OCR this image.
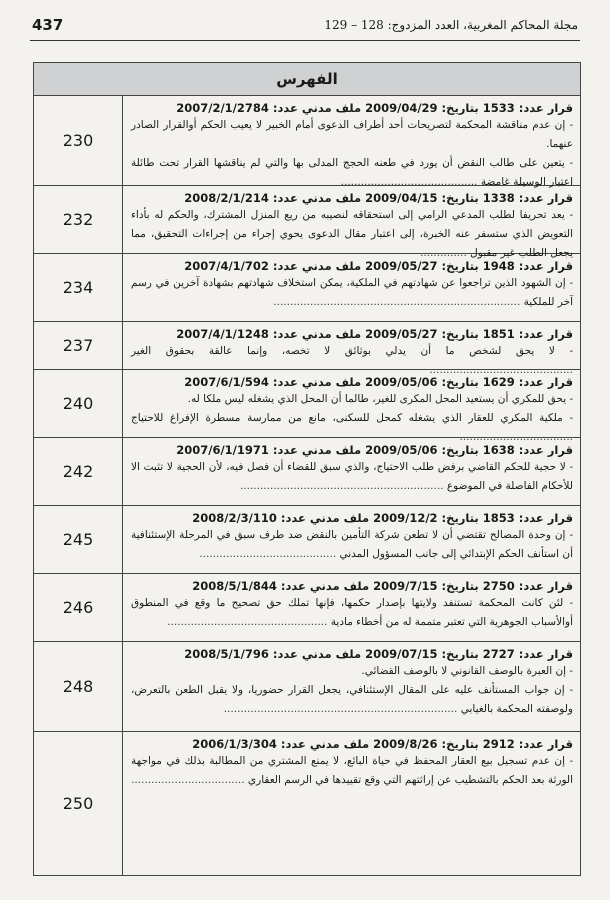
437	مجلة المحاكم المغربية، العدد المزدوج: 128 – 129
الفهرس
230
قرار عدد: 1533 بتاريخ: 2009/04/29 ملف مدني عدد: 2007/2/1/2784
- إن عدم مناقشة المحكمة لتصريحات أحد أطراف الدعوى أمام الخبير لا يعيب الحكم أوالقرار الصادر عنهما.
- يتعين على طالب النقض أن يورد في طعنه الحجج المدلى بها والتي لم يناقشها القرار تحت طائلة اعتبار الوسيلة غامضة .........................................
232
قرار عدد: 1338 بتاريخ: 2009/04/15 ملف مدني عدد: 2008/2/1/214
- يعد تحريفا لطلب المدعي الرامي إلى استحقاقه لنصيبه من ريع المنزل المشترك، والحكم له بأداء التعويض الذي ستسفر عنه الخبرة، إلى اعتبار مقال الدعوى يحوي إجراء من إجراءات التحقيق، مما يجعل الطلب غير مقبول ..............
234
قرار عدد: 1948 بتاريخ: 2009/05/27 ملف مدني عدد: 2007/4/1/702
- إن الشهود الذين تراجعوا عن شهادتهم في الملكية، يمكن استخلاف شهادتهم بشهادة آخرين في رسم آخر للملكية ..........................................................................
237
قرار عدد: 1851 بتاريخ: 2009/05/27 ملف مدني عدد: 2007/4/1/1248
- لا يحق لشخص ما أن يدلي بوثائق لا تخصه، وإنما عالقة بحقوق الغير ...........................................
240
قرار عدد: 1629 بتاريخ: 2009/05/06 ملف مدني عدد: 2007/6/1/594
- يحق للمكري أن يستعيد المحل المكرى للغير، طالما أن المحل الذي يشغله ليس ملكا له.
- ملكية المكري للعقار الذي يشغله كمحل للسكنى، مانع من ممارسة مسطرة الإفراغ للاحتياج ..................................
242
قرار عدد: 1638 بتاريخ: 2009/05/06 ملف مدني عدد: 2007/6/1/1971
- لا حجية للحكم القاضي برفض طلب الاحتياج، والذي سبق للقضاء أن فصل فيه، لأن الحجية لا تثبت الا للأحكام الفاصلة في الموضوع .............................................................
245
قرار عدد: 1853 بتاريخ: 2009/12/2 ملف مدني عدد: 2008/2/3/110
- إن وحدة المصالح تقتضي أن لا تطعن شركة التأمين بالنقض ضد طرف سبق في المرحلة الإستئنافية أن استأنف الحكم الإبتدائي إلى جانب المسؤول المدني .........................................
246
قرار عدد: 2750 بتاريخ: 2009/7/15 ملف مدني عدد: 2008/5/1/844
- لئن كانت المحكمة تستنفد ولايتها بإصدار حكمها، فإنها تملك حق تصحيح ما وقع في المنطوق أوالأسباب الجوهرية التي تعتبر متممة له من أخطاء مادية ................................................
248
قرار عدد: 2727 بتاريخ: 2009/07/15 ملف مدني عدد: 2008/5/1/796
- إن العبرة بالوصف القانوني لا بالوصف القضائي.
- إن جواب المستأنف عليه على المقال الإستئنافي، يجعل القرار حضوريا، ولا يقبل الطعن بالتعرض، ولوصفته المحكمة بالغيابي ......................................................................
250
قرار عدد: 2912 بتاريخ: 2009/8/26 ملف مدني عدد: 2006/1/3/304
- إن عدم تسجيل بيع العقار المحفظ في حياة البائع، لا يمنع المشتري من المطالبة بذلك في مواجهة الورثة بعد الحكم بالتشطيب عن إراثتهم التي وقع تقييدها في الرسم العقاري ..................................
